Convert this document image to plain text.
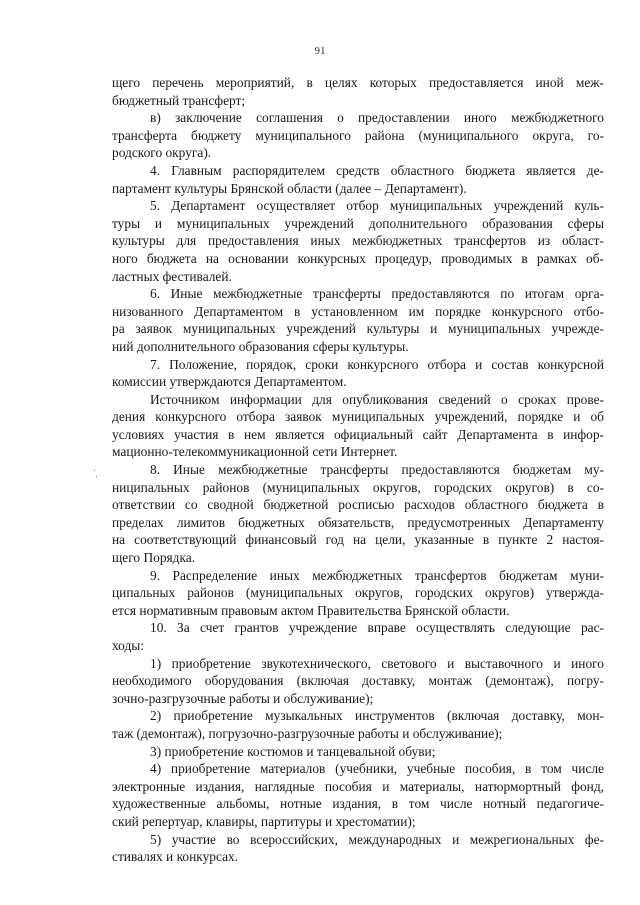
91
щего перечень мероприятий, в целях которых предоставляется иной меж-
бюджетный трансферт;
в) заключение соглашения о предоставлении иного межбюджетного
трансферта бюджету муниципального района (муниципального округа, го-
родского округа).
4. Главным распорядителем средств областного бюджета является де-
партамент культуры Брянской области (далее – Департамент).
5. Департамент осуществляет отбор муниципальных учреждений куль-
туры и муниципальных учреждений дополнительного образования сферы
культуры для предоставления иных межбюджетных трансфертов из област-
ного бюджета на основании конкурсных процедур, проводимых в рамках об-
ластных фестивалей.
6. Иные межбюджетные трансферты предоставляются по итогам орга-
низованного Департаментом в установленном им порядке конкурсного отбо-
ра заявок муниципальных учреждений культуры и муниципальных учрежде-
ний дополнительного образования сферы культуры.
7. Положение, порядок, сроки конкурсного отбора и состав конкурсной
комиссии утверждаются Департаментом.
Источником информации для опубликования сведений о сроках прове-
дения конкурсного отбора заявок муниципальных учреждений, порядке и об
условиях участия в нем является официальный сайт Департамента в инфор-
мационно-телекоммуникационной сети Интернет.
8. Иные межбюджетные трансферты предоставляются бюджетам му-
ниципальных районов (муниципальных округов, городских округов) в со-
ответствии со сводной бюджетной росписью расходов областного бюджета в
пределах лимитов бюджетных обязательств, предусмотренных Департаменту
на соответствующий финансовый год на цели, указанные в пункте 2 настоя-
щего Порядка.
9. Распределение иных межбюджетных трансфертов бюджетам муни-
ципальных районов (муниципальных округов, городских округов) утвержда-
ется нормативным правовым актом Правительства Брянской области.
10. За счет грантов учреждение вправе осуществлять следующие рас-
ходы:
1) приобретение звукотехнического, светового и выставочного и иного
необходимого оборудования (включая доставку, монтаж (демонтаж), погру-
зочно-разгрузочные работы и обслуживание);
2) приобретение музыкальных инструментов (включая доставку, мон-
таж (демонтаж), погрузочно-разгрузочные работы и обслуживание);
3) приобретение костюмов и танцевальной обуви;
4) приобретение материалов (учебники, учебные пособия, в том числе
электронные издания, наглядные пособия и материалы, натюрмортный фонд,
художественные альбомы, нотные издания, в том числе нотный педагогиче-
ский репертуар, клавиры, партитуры и хрестоматии);
5) участие во всероссийских, международных и межрегиональных фе-
стивалях и конкурсах.
